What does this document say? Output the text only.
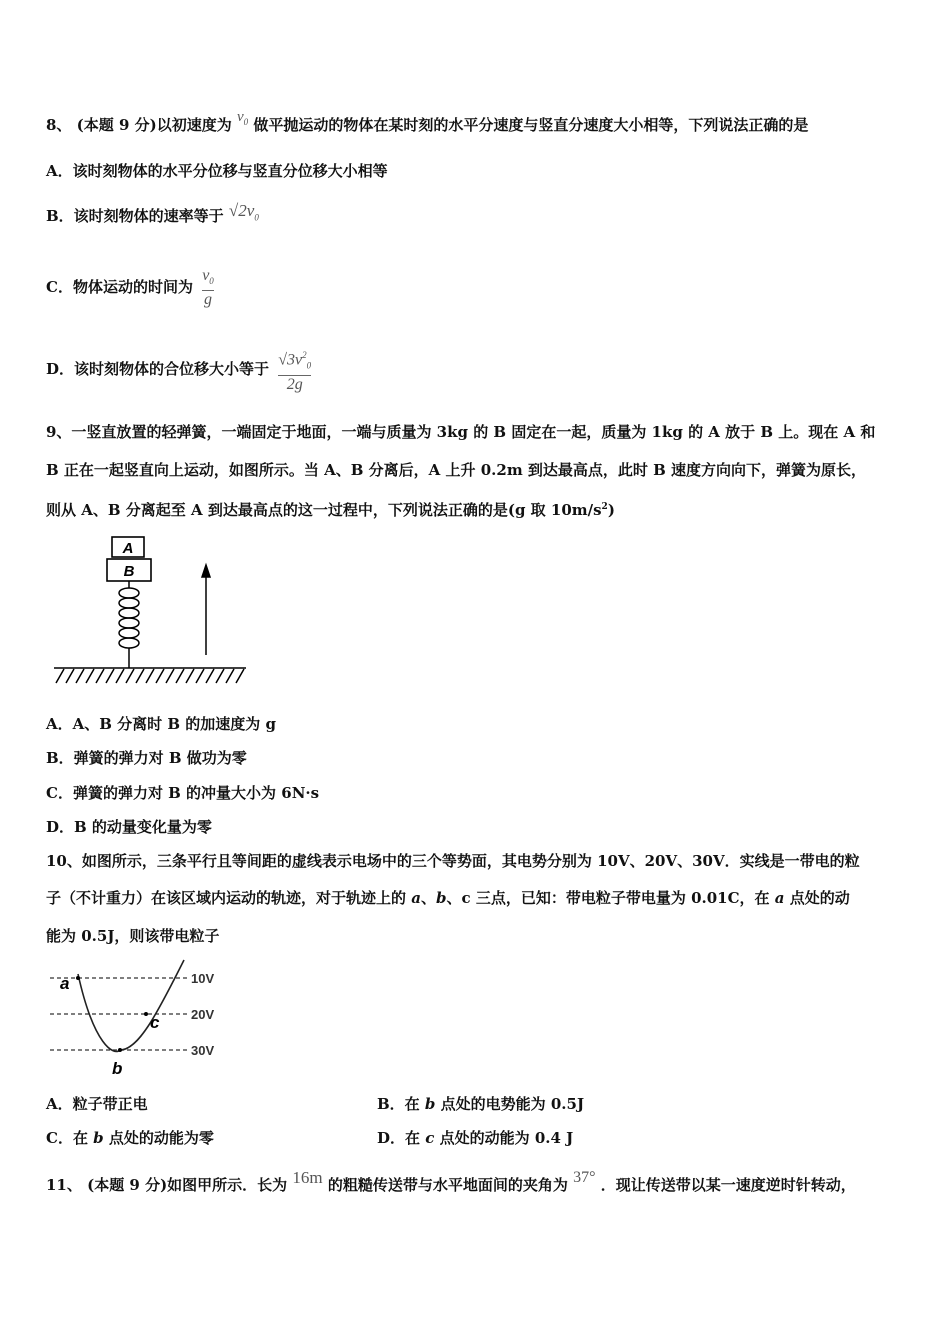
8、 (本题 9 分)以初速度为 $v_0$ 做平抛运动的物体在某时刻的水平分速度与竖直分速度大小相等，下列说法正确的是
A．该时刻物体的水平分位移与竖直分位移大小相等
B．该时刻物体的速率等于 $√2v_0$
C．物体运动的时间为 $\frac{v_0}{g}$
D．该时刻物体的合位移大小等于 $\frac{√3v^2_0}{2g}$
9、一竖直放置的轻弹簧，一端固定于地面，一端与质量为 3kg 的 B 固定在一起，质量为 1kg 的 A 放于 B 上。现在 A 和
B 正在一起竖直向上运动，如图所示。当 A、B 分离后，A 上升 0.2m 到达最高点，此时 B 速度方向向下，弹簧为原长，
则从 A、B 分离起至 A 到达最高点的这一过程中，下列说法正确的是(g 取 $10m/s^2$)
A
B
A．A、B 分离时 B 的加速度为 g
B．弹簧的弹力对 B 做功为零
C．弹簧的弹力对 B 的冲量大小为 6N·s
D．B 的动量变化量为零
10、如图所示，三条平行且等间距的虚线表示电场中的三个等势面，其电势分别为 10V、20V、30V．实线是一带电的粒
子（不计重力）在该区域内运动的轨迹，对于轨迹上的 a、b、c 三点，已知：带电粒子带电量为 0.01C，在 a 点处的动
能为 0.5J，则该带电粒子
10V
20V
30V
a
b
c
A．粒子带正电	B．在 b 点处的电势能为 0.5J
C．在 b 点处的动能为零	D．在 c 点处的动能为 0.4 J
11、 (本题 9 分)如图甲所示．长为 16m 的粗糙传送带与水平地面间的夹角为 37° ．现让传送带以某一速度逆时针转动，
